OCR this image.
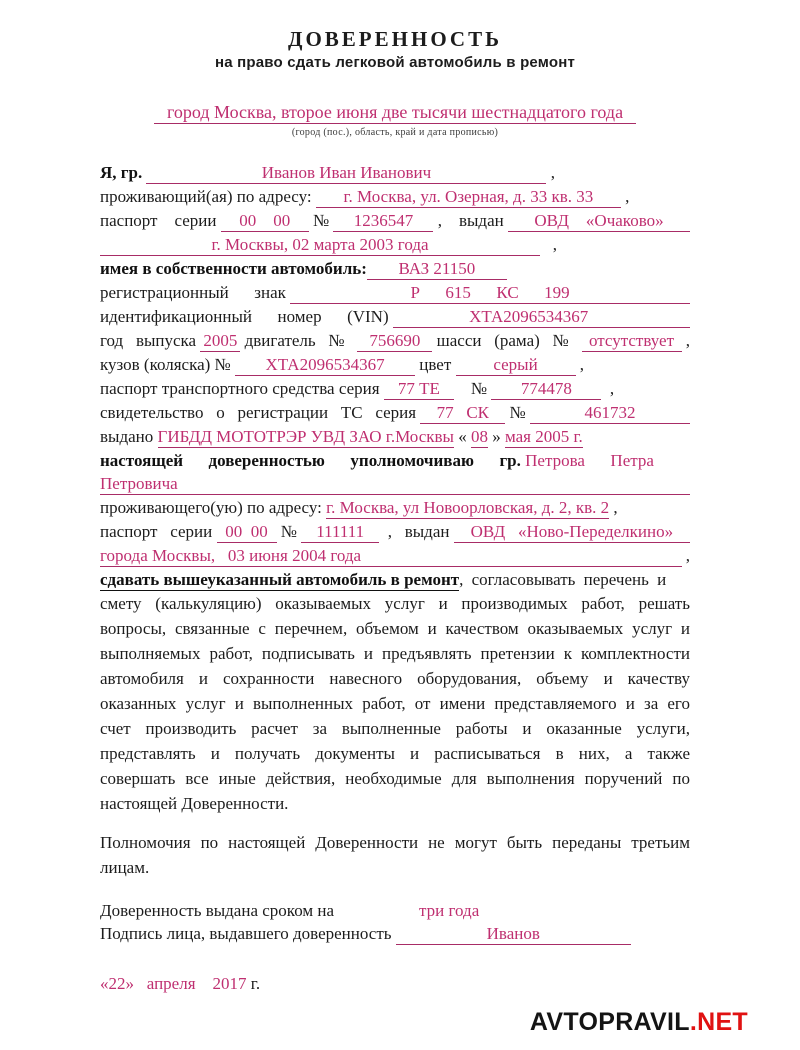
ДОВЕРЕННОСТЬ
на право сдать легковой автомобиль в ремонт
город Москва, второе июня две тысячи шестнадцатого года
(город (пос.), область, край и дата прописью)
Я, гр.	Иванов Иван Иванович	,
проживающий(ая) по адресу:	г. Москва, ул. Озерная, д. 33 кв. 33	,
паспорт    серии	00    00	№	1236547	,    выдан	ОВД    «Очаково»
г. Москвы, 02 марта 2003 года	,
имея в собственности автомобиль:	ВАЗ 21150
регистрационный      знак	Р      615      КС      199
идентификационный      номер      (VIN)	ХТА2096534367
год   выпуска 2005 двигатель   № 756690 шасси   (рама)   № отсутствует ,
кузов (коляска) №	ХТА2096534367	цвет	серый	,
паспорт транспортного средства серия 77 ТЕ №	774478	,
свидетельство   о   регистрации   ТС   серия 77   СК №	461732
выдано ГИБДД МОТОТРЭР УВД ЗАО г.Москвы « 08 » мая 2005 г.
настоящей      доверенностью      уполномочиваю      гр. Петрова      Петра
Петровича
проживающего(ую) по адресу: г. Москва, ул Новоорловская, д. 2, кв. 2 ,
паспорт   серии 00  00 № 111111 ,   выдан ОВД   «Ново-Переделкино»
города Москвы,   03 июня 2004 года	,
сдавать вышеуказанный автомобиль в ремонт , согласовывать перечень и
смету (калькуляцию) оказываемых услуг и производимых работ, решать
вопросы, связанные с перечнем, объемом и качеством оказываемых услуг и
выполняемых работ, подписывать и предъявлять претензии к комплектности
автомобиля и сохранности навесного оборудования, объему и качеству
оказанных услуг и выполненных работ, от имени представляемого и за его
счет производить расчет за выполненные работы и оказанные услуги,
представлять и получать документы и расписываться в них, а также
совершать все иные действия, необходимые для выполнения поручений по
настоящей Доверенности.
Полномочия по настоящей Доверенности не могут быть переданы третьим
лицам.
Доверенность выдана сроком на
	три года
Подпись лица, выдавшего доверенность	Иванов
«22»
апреля
2017 г.
AVTOPRAVIL.NET
